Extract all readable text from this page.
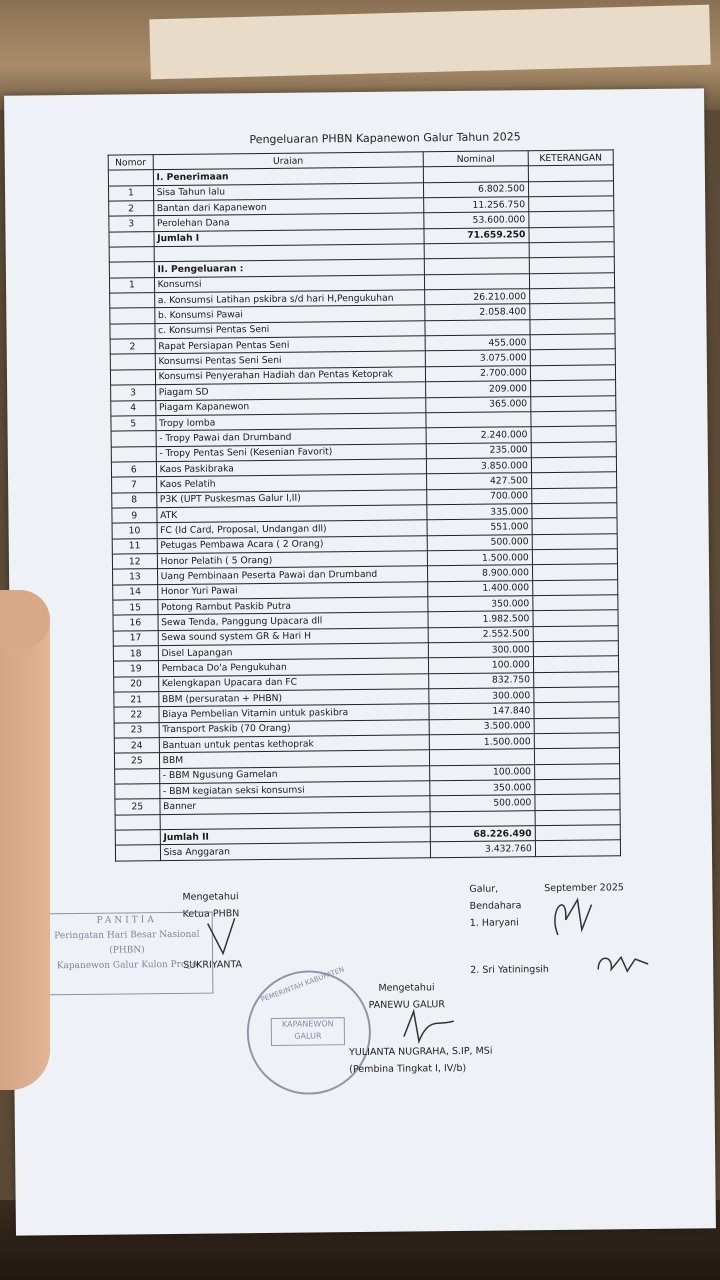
Pengeluaran PHBN Kapanewon Galur Tahun 2025
Nomor	Uraian	Nominal	KETERANGAN
	I. Penerimaan		
1	Sisa Tahun lalu	6.802.500	
2	Bantan dari Kapanewon	11.256.750	
3	Perolehan Dana	53.600.000	
	Jumlah I	71.659.250	

	II. Pengeluaran :		
1	Konsumsi		
	a. Konsumsi Latihan pskibra s/d hari H,Pengukuhan	26.210.000	
	b. Konsumsi Pawai	2.058.400	
	c. Konsumsi Pentas Seni		
2	Rapat Persiapan Pentas Seni	455.000	
	Konsumsi Pentas Seni Seni	3.075.000	
	Konsumsi Penyerahan Hadiah dan Pentas Ketoprak	2.700.000	
3	Piagam SD	209.000	
4	Piagam Kapanewon	365.000	
5	Tropy lomba		
	- Tropy Pawai dan Drumband	2.240.000	
	- Tropy Pentas Seni (Kesenian Favorit)	235.000	
6	Kaos Paskibraka	3.850.000	
7	Kaos Pelatih	427.500	
8	P3K (UPT Puskesmas Galur I,II)	700.000	
9	ATK	335.000	
10	FC (Id Card, Proposal, Undangan dll)	551.000	
11	Petugas Pembawa Acara ( 2 Orang)	500.000	
12	Honor Pelatih ( 5 Orang)	1.500.000	
13	Uang Pembinaan Peserta Pawai dan Drumband	8.900.000	
14	Honor Yuri Pawai	1.400.000	
15	Potong Rambut Paskib Putra	350.000	
16	Sewa Tenda, Panggung Upacara dll	1.982.500	
17	Sewa sound system GR & Hari H	2.552.500	
18	Disel Lapangan	300.000	
19	Pembaca Do'a Pengukuhan	100.000	
20	Kelengkapan Upacara dan FC	832.750	
21	BBM (persuratan + PHBN)	300.000	
22	Biaya Pembelian Vitamin untuk paskibra	147.840	
23	Transport Paskib (70 Orang)	3.500.000	
24	Bantuan untuk pentas kethoprak	1.500.000	
25	BBM		
	- BBM Ngusung Gamelan	100.000	
	- BBM kegiatan seksi konsumsi	350.000	
25	Banner	500.000	

	Jumlah II	68.226.490	
	Sisa Anggaran	3.432.760	
Mengetahui
Ketua PHBN
SUKRIYANTA
PANITIA
Peringatan Hari Besar Nasional
(PHBN)
Kapanewon Galur Kulon Progo
Galur,	September 2025
Bendahara
1. Haryani
2. Sri Yatiningsih
PEMERINTAH KABUPATEN
KAPANEWON
GALUR
Mengetahui
PANEWU GALUR
YULIANTA NUGRAHA, S.IP, MSi
(Pembina Tingkat I, IV/b)
